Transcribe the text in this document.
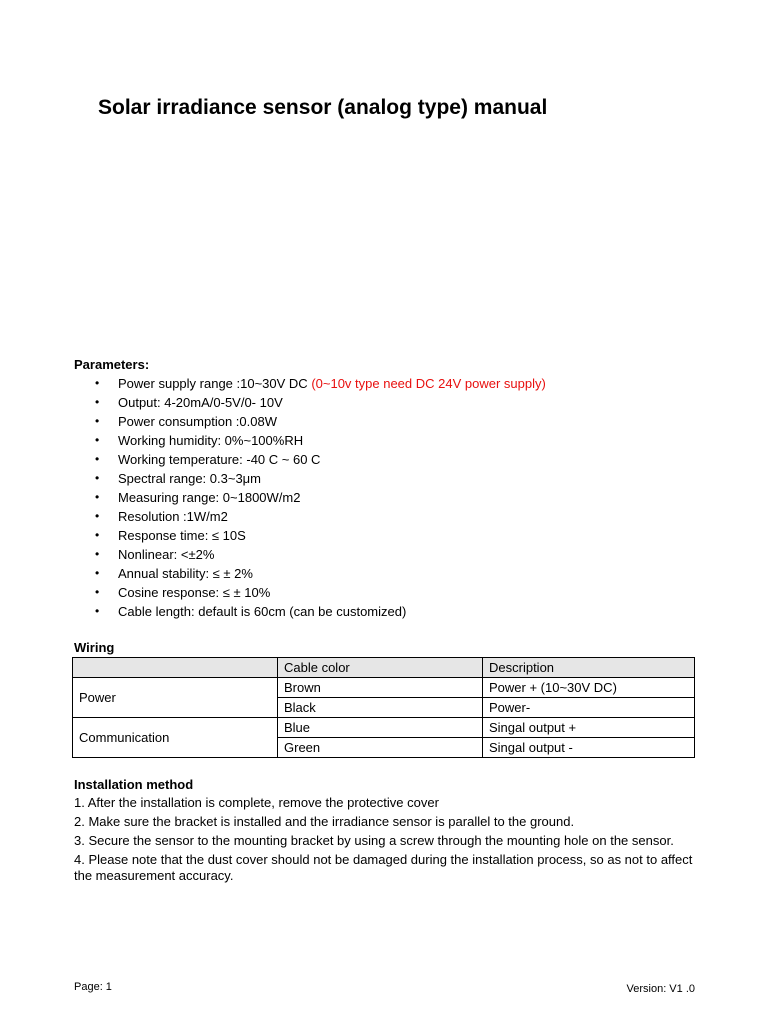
Solar irradiance sensor (analog type) manual
Parameters:
• Power supply range :10~30V DC (0~10v type need DC 24V power supply)
• Output: 4-20mA/0-5V/0- 10V
• Power consumption :0.08W
• Working humidity: 0%~100%RH
• Working temperature: -40 C ~ 60 C
• Spectral range: 0.3~3μm
• Measuring range: 0~1800W/m2
• Resolution :1W/m2
• Response time: ≤ 10S
• Nonlinear: <±2%
• Annual stability: ≤ ± 2%
• Cosine response: ≤ ± 10%
• Cable length: default is 60cm (can be customized)
Wiring
	Cable color	Description
Power	Brown	Power + (10~30V DC)
	Black	Power-
Communication	Blue	Singal output +
	Green	Singal output -
Installation method

1. After the installation is complete, remove the protective cover

2. Make sure the bracket is installed and the irradiance sensor is parallel to the ground.

3. Secure the sensor to the mounting bracket by using a screw through the mounting hole on the sensor.

4. Please note that the dust cover should not be damaged during the installation process, so as not to affect the measurement accuracy.

Page: 1	Version: V1 .0
